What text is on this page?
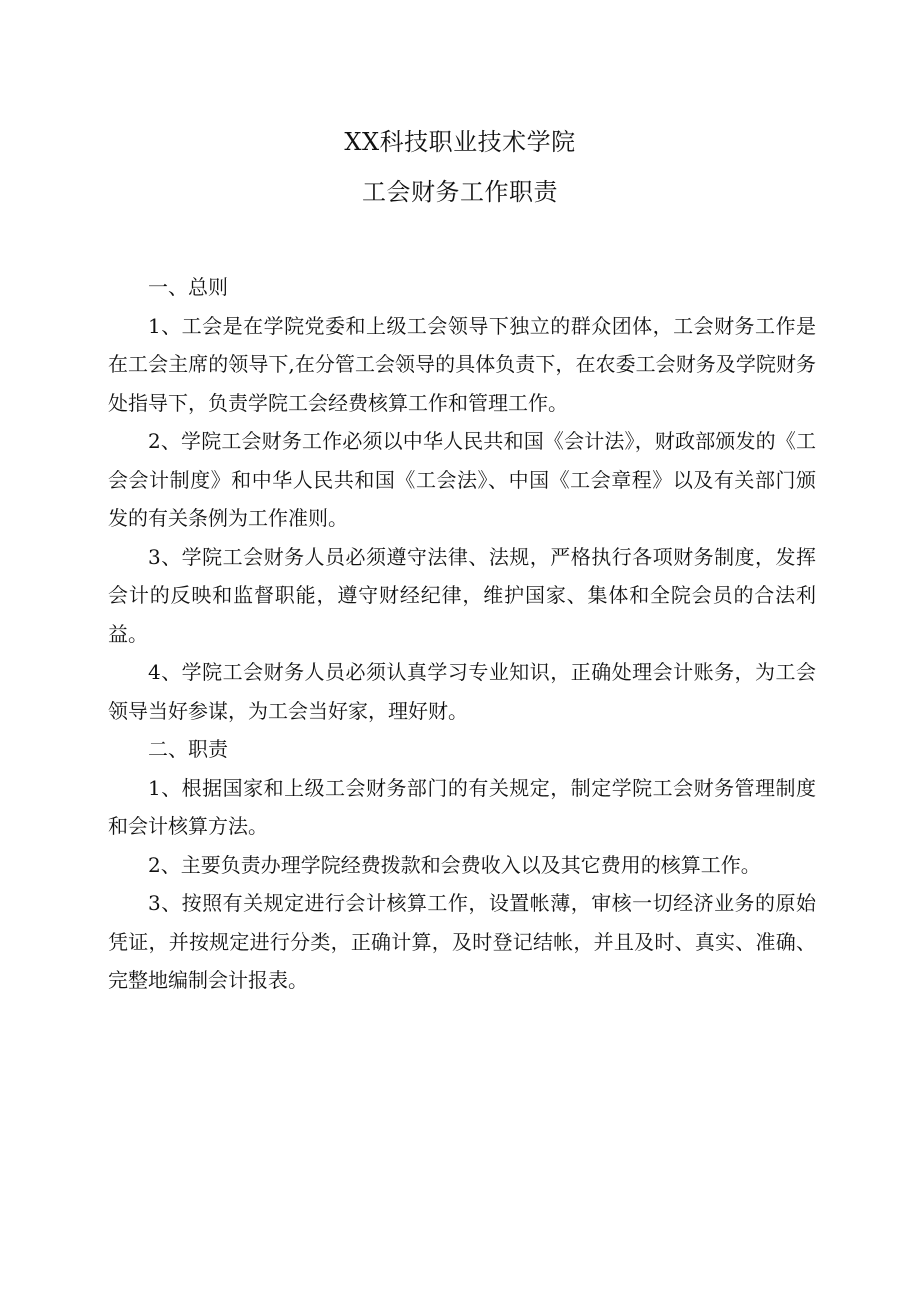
XX科技职业技术学院
工会财务工作职责

一、总则

1、工会是在学院党委和上级工会领导下独立的群众团体，工会财务工作是在工会主席的领导下,在分管工会领导的具体负责下，在农委工会财务及学院财务处指导下，负责学院工会经费核算工作和管理工作。

2、学院工会财务工作必须以中华人民共和国《会计法》，财政部颁发的《工会会计制度》和中华人民共和国《工会法》、中国《工会章程》以及有关部门颁发的有关条例为工作准则。

3、学院工会财务人员必须遵守法律、法规，严格执行各项财务制度，发挥会计的反映和监督职能，遵守财经纪律，维护国家、集体和全院会员的合法利益。

4、学院工会财务人员必须认真学习专业知识，正确处理会计账务，为工会领导当好参谋，为工会当好家，理好财。

二、职责

1、根据国家和上级工会财务部门的有关规定，制定学院工会财务管理制度和会计核算方法。

2、主要负责办理学院经费拨款和会费收入以及其它费用的核算工作。

3、按照有关规定进行会计核算工作，设置帐薄，审核一切经济业务的原始凭证，并按规定进行分类，正确计算，及时登记结帐，并且及时、真实、准确、完整地编制会计报表。
